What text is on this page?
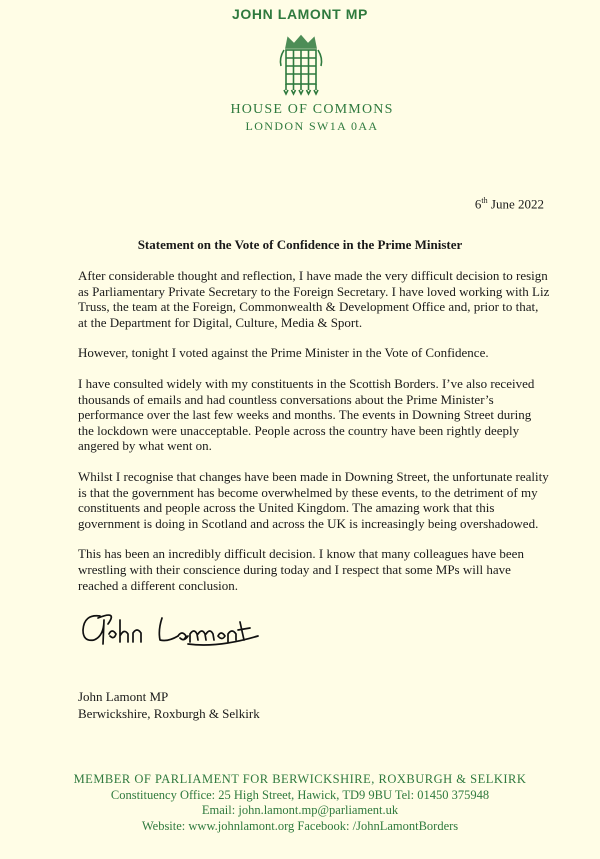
JOHN LAMONT MP
HOUSE OF COMMONS
LONDON SW1A 0AA
6th June 2022
Statement on the Vote of Confidence in the Prime Minister

After considerable thought and reflection, I have made the very difficult decision to resign as Parliamentary Private Secretary to the Foreign Secretary. I have loved working with Liz Truss, the team at the Foreign, Commonwealth & Development Office and, prior to that, at the Department for Digital, Culture, Media & Sport.

However, tonight I voted against the Prime Minister in the Vote of Confidence.

I have consulted widely with my constituents in the Scottish Borders. I’ve also received thousands of emails and had countless conversations about the Prime Minister’s performance over the last few weeks and months. The events in Downing Street during the lockdown were unacceptable. People across the country have been rightly deeply angered by what went on.

Whilst I recognise that changes have been made in Downing Street, the unfortunate reality is that the government has become overwhelmed by these events, to the detriment of my constituents and people across the United Kingdom. The amazing work that this government is doing in Scotland and across the UK is increasingly being overshadowed.

This has been an incredibly difficult decision. I know that many colleagues have been wrestling with their conscience during today and I respect that some MPs will have reached a different conclusion.

John Lamont MP
Berwickshire, Roxburgh & Selkirk
MEMBER OF PARLIAMENT FOR BERWICKSHIRE, ROXBURGH & SELKIRK
Constituency Office: 25 High Street, Hawick, TD9 9BU Tel: 01450 375948
Email: john.lamont.mp@parliament.uk
Website: www.johnlamont.org Facebook: /JohnLamontBorders
